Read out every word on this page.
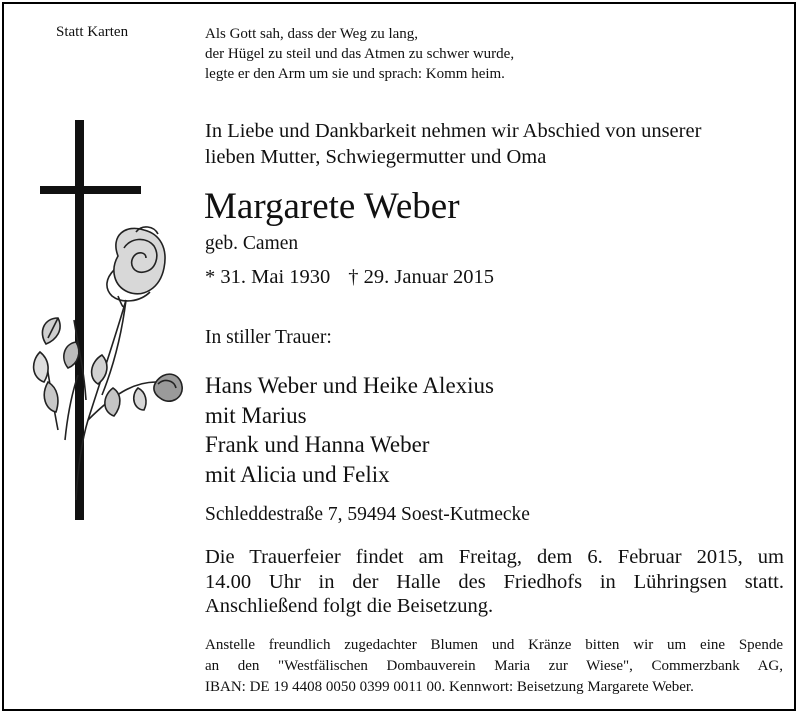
Statt Karten	Als Gott sah, dass der Weg zu lang,
der Hügel zu steil und das Atmen zu schwer wurde,
legte er den Arm um sie und sprach: Komm heim.
In Liebe und Dankbarkeit nehmen wir Abschied von unserer
lieben Mutter, Schwiegermutter und Oma
Margarete Weber
geb. Camen
* 31. Mai 1930 † 29. Januar 2015
In stiller Trauer:
Hans Weber und Heike Alexius
mit Marius
Frank und Hanna Weber
mit Alicia und Felix
Schleddestraße 7, 59494 Soest-Kutmecke
Die Trauerfeier findet am Freitag, dem 6. Februar 2015, um
14.00 Uhr in der Halle des Friedhofs in Lühringsen statt.
Anschließend folgt die Beisetzung.
Anstelle freundlich zugedachter Blumen und Kränze bitten wir um eine Spende
an den "Westfälischen Dombauverein Maria zur Wiese", Commerzbank AG,
IBAN: DE 19 4408 0050 0399 0011 00. Kennwort: Beisetzung Margarete Weber.
